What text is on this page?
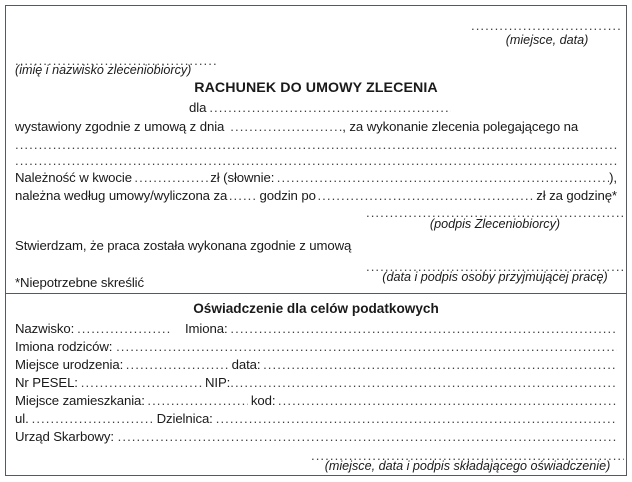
.....
(miejsce, data)
.....
(imię i nazwisko zleceniobiorcy)
RACHUNEK DO UMOWY ZLECENIA
dla
.....
wystawiony zgodnie z umową z dnia .....	, za wykonanie zlecenia polegającego na
.....
.....
Należność w kwocie .....	zł (słownie: .....	),
należna według umowy/wyliczona za ..... godzin po .....	zł za godzinę*
.....
(podpis Zleceniobiorcy)
Stwierdzam, że praca została wykonana zgodnie z umową
.....
(data i podpis osoby przyjmującej pracę)
*Niepotrzebne skreślić
Oświadczenie dla celów podatkowych
Nazwisko: .....	Imiona:
.....
Imiona rodziców:
.....
Miejsce urodzenia: .....	data:
.....
Nr PESEL: .....	NIP:
.....
Miejsce zamieszkania: .....	kod:
.....
ul. .....	Dzielnica:
.....
Urząd Skarbowy:
.....
.....
(miejsce, data i podpis składającego oświadczenie)
